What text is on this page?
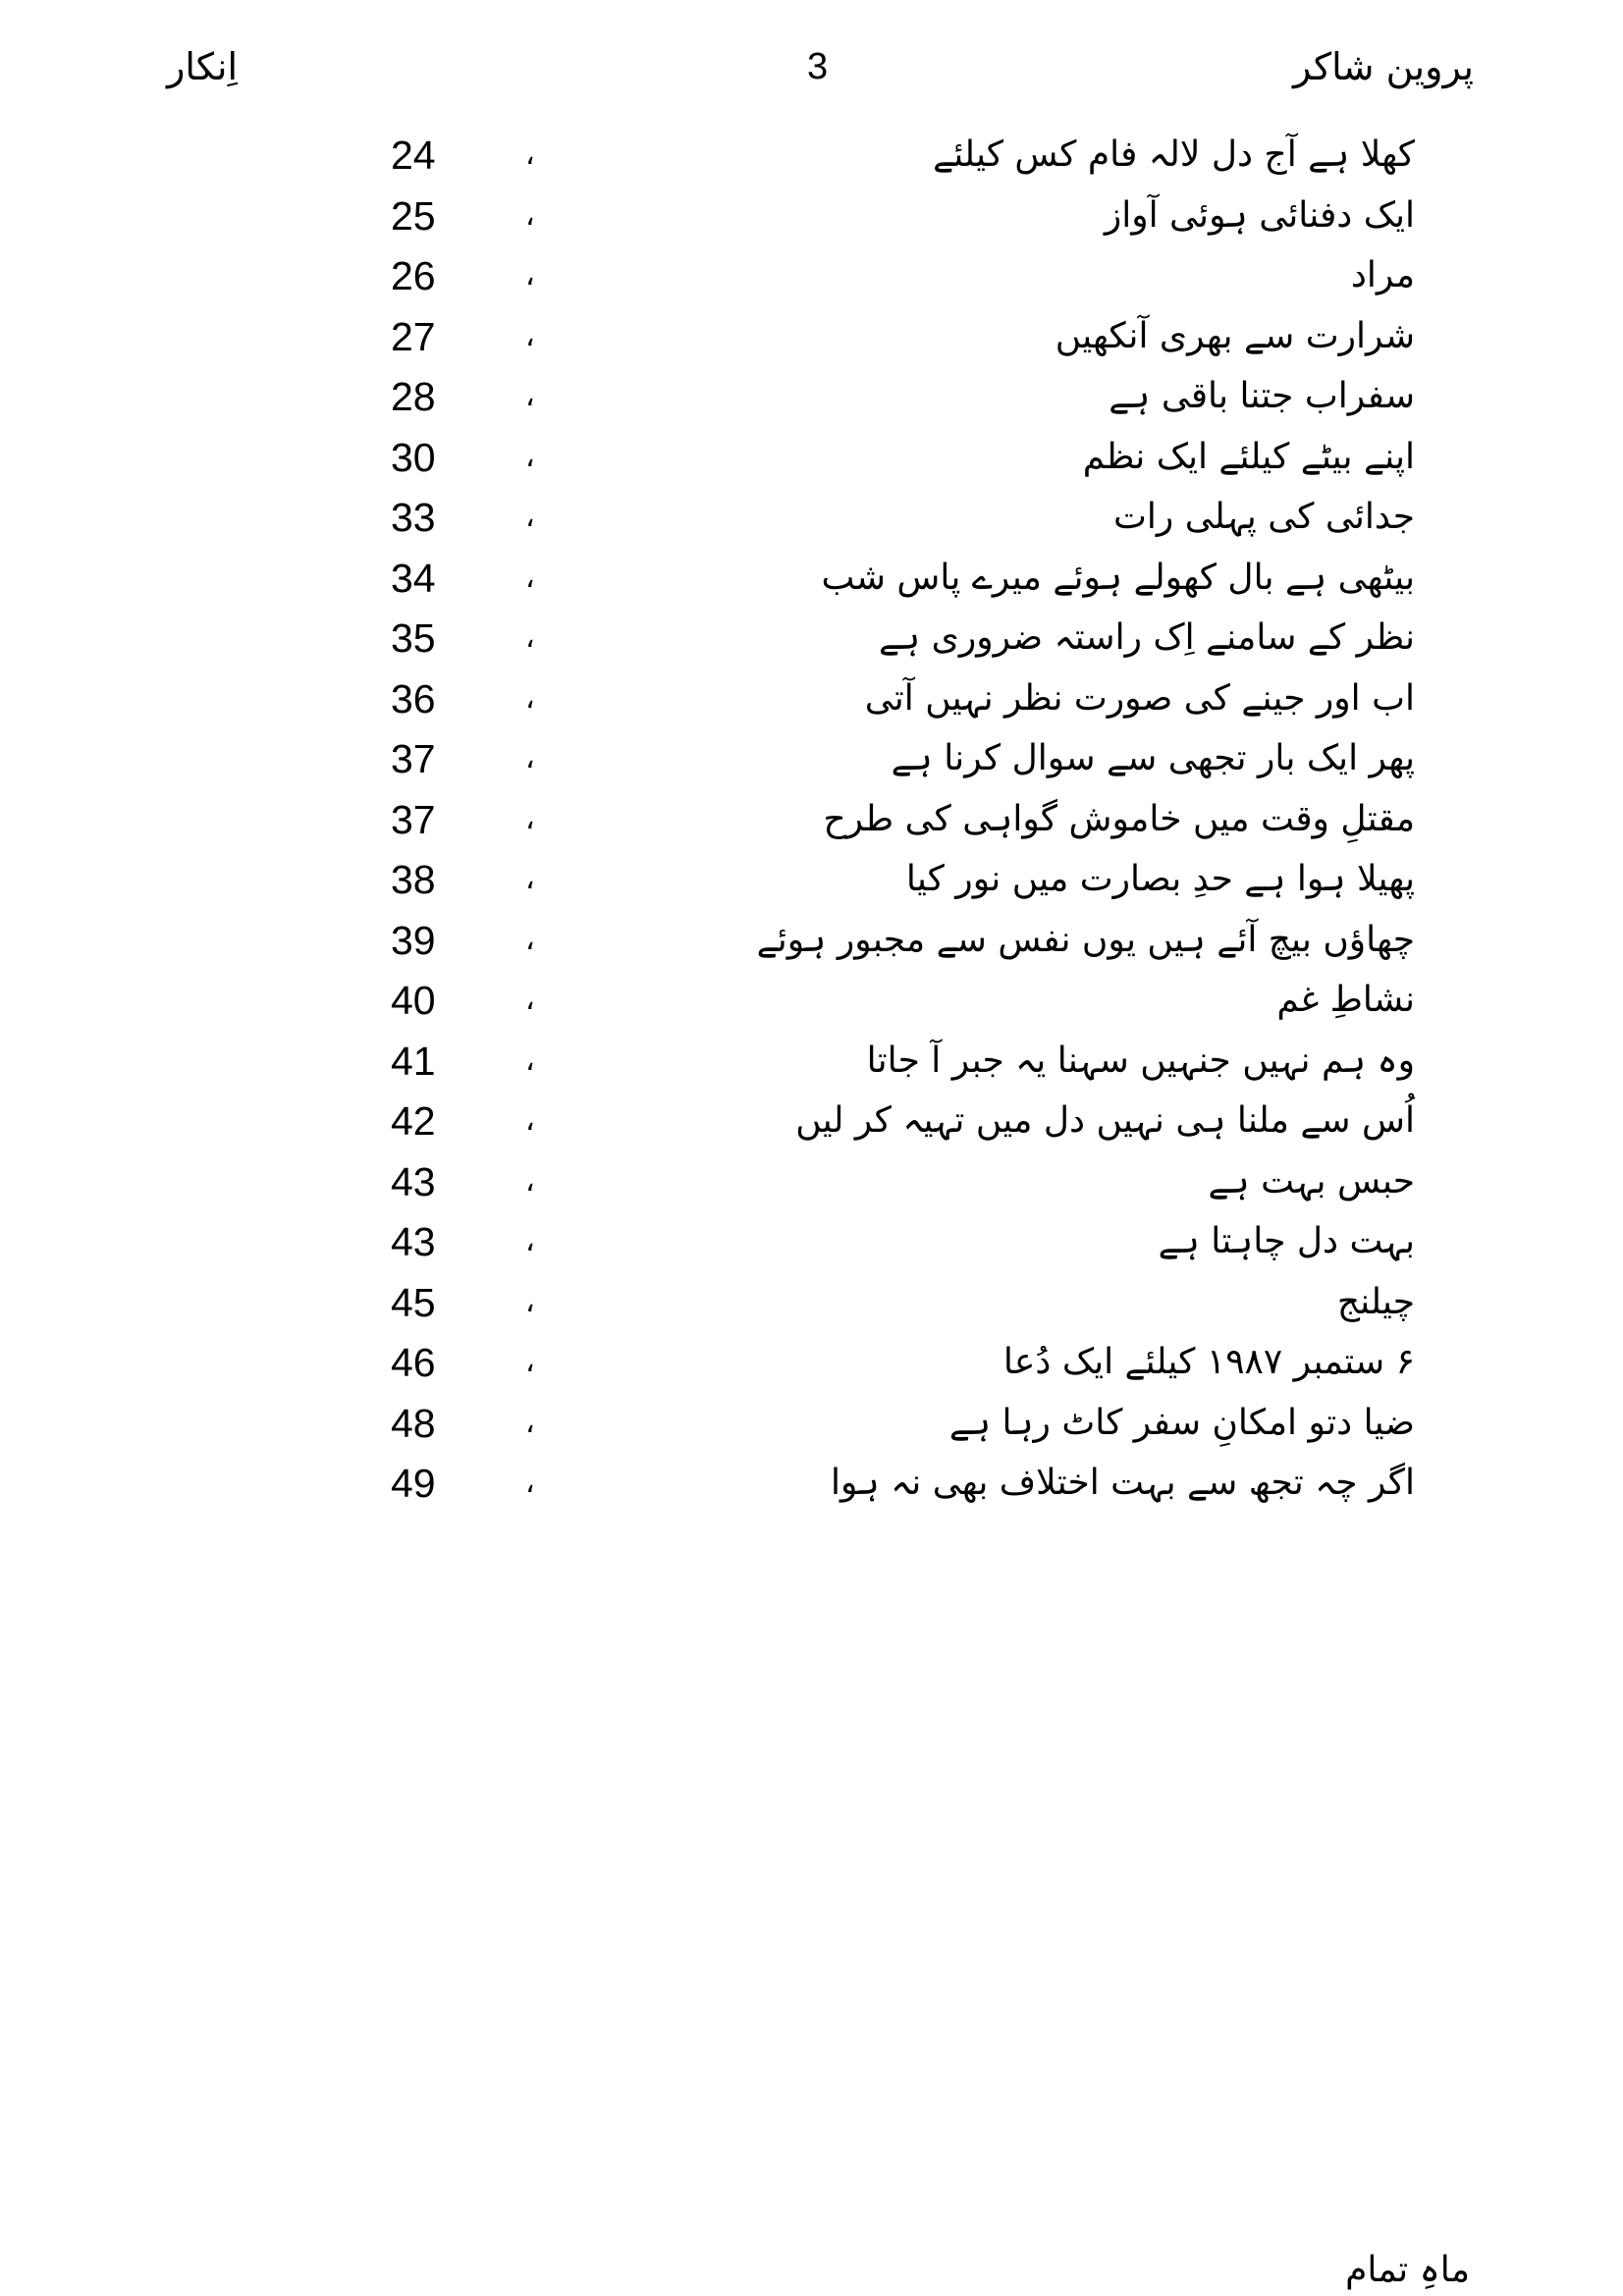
پروین شاکر
3
اِنکار
کھلا ہے آج دل لالہ فام کس کیلئے
،
24
ایک دفنائی ہوئی آواز
،
25
مراد
،
26
شرارت سے بھری آنکھیں
،
27
سفراب جتنا باقی ہے
،
28
اپنے بیٹے کیلئے ایک نظم
،
30
جدائی کی پہلی رات
،
33
بیٹھی ہے بال کھولے ہوئے میرے پاس شب
،
34
نظر کے سامنے اِک راستہ ضروری ہے
،
35
اب اور جینے کی صورت نظر نہیں آتی
،
36
پھر ایک بار تجھی سے سوال کرنا ہے
،
37
مقتلِ وقت میں خاموش گواہی کی طرح
،
37
پھیلا ہوا ہے حدِ بصارت میں نور کیا
،
38
چھاؤں بیچ آئے ہیں یوں نفس سے مجبور ہوئے
،
39
نشاطِ غم
،
40
وہ ہم نہیں جنہیں سہنا یہ جبر آ جاتا
،
41
اُس سے ملنا ہی نہیں دل میں تہیہ کر لیں
،
42
حبس بہت ہے
،
43
بہت دل چاہتا ہے
،
43
چیلنج
،
45
۶ ستمبر ۱۹۸۷ کیلئے ایک دُعا
،
46
ضیا دتو امکانِ سفر کاٹ رہا ہے
،
48
اگر چہ تجھ سے بہت اختلاف بھی نہ ہوا
،
49
ماہِ تمام
